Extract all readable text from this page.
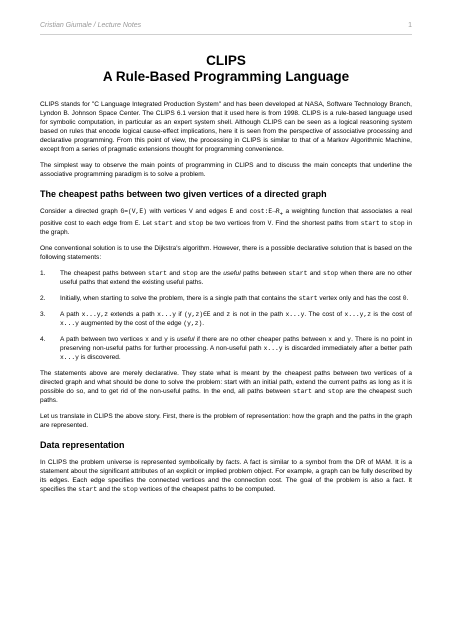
Cristian Giumale / Lecture Notes	1
CLIPS
A Rule-Based Programming Language

CLIPS stands for "C Language Integrated Production System" and has been developed at NASA, Software Technology Branch, Lyndon B. Johnson Space Center. The CLIPS 6.1 version that it used here is from 1998. CLIPS is a rule-based language used for symbolic computation, in particular as an expert system shell. Although CLIPS can be seen as a logical reasoning system based on rules that encode logical cause-effect implications, here it is seen from the perspective of associative processing and declarative programming. From this point of view, the processing in CLIPS is similar to that of a Markov Algorithmic Machine, except from a series of pragmatic extensions thought for programming convenience.

The simplest way to observe the main points of programming in CLIPS and to discuss the main concepts that underline the associative programming paradigm is to solve a problem.

The cheapest paths between two given vertices of a directed graph

Consider a directed graph G=(V,E) with vertices V and edges E and $\cos t:E\to R_+$ a weighting function that associates a real positive cost to each edge from E. Let start and stop be two vertices from V. Find the shortest paths from start to stop in the graph.

One conventional solution is to use the Dijkstra's algorithm. However, there is a possible declarative solution that is based on the following statements:

1. The cheapest paths between start and stop are the useful paths between start and stop when there are no other useful paths that extend the existing useful paths.
2. Initially, when starting to solve the problem, there is a single path that contains the start vertex only and has the cost 0.
3. A path x...y,z extends a path x...y if (y,z)∈E and z is not in the path x...y. The cost of x...y,z is the cost of x...y augmented by the cost of the edge (y,z).
4. A path between two vertices x and y is useful if there are no other cheaper paths between x and y. There is no point in preserving non-useful paths for further processing. A non-useful path x...y is discarded immediately after a better path x...y is discovered.

The statements above are merely declarative. They state what is meant by the cheapest paths between two vertices of a directed graph and what should be done to solve the problem: start with an initial path, extend the current paths as long as it is possible do so, and to get rid of the non-useful paths. In the end, all paths between start and stop are the cheapest such paths.

Let us translate in CLIPS the above story. First, there is the problem of representation: how the graph and the paths in the graph are represented.

Data representation

In CLIPS the problem universe is represented symbolically by facts. A fact is similar to a symbol from the DR of MAM. It is a statement about the significant attributes of an explicit or implied problem object. For example, a graph can be fully described by its edges. Each edge specifies the connected vertices and the connection cost. The goal of the problem is also a fact. It specifies the start and the stop vertices of the cheapest paths to be computed.
